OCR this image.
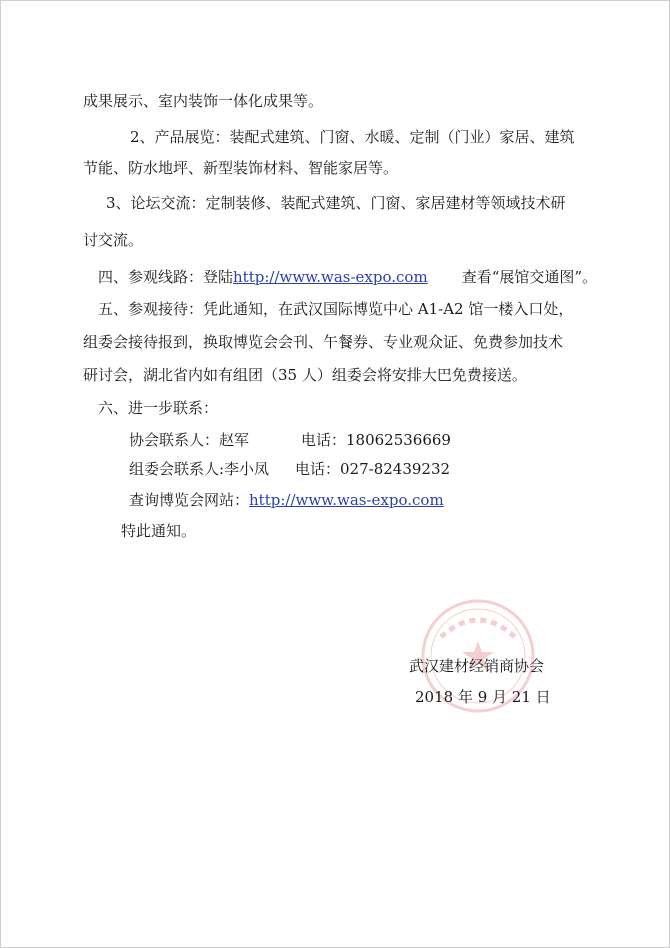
成果展示、室内装饰一体化成果等。
2、产品展览：装配式建筑、门窗、水暖、定制（门业）家居、建筑
节能、防水地坪、新型装饰材料、智能家居等。
3、论坛交流：定制装修、装配式建筑、门窗、家居建材等领域技术研
讨交流。
四、参观线路：登陆http://www.was-expo.com 查看“展馆交通图”。
五、参观接待：凭此通知，在武汉国际博览中心 A1-A2 馆一楼入口处，
组委会接待报到，换取博览会会刊、午餐券、专业观众证、免费参加技术
研讨会，湖北省内如有组团（35 人）组委会将安排大巴免费接送。
六、进一步联系：
协会联系人：赵军	电话：18062536669
组委会联系人:李小凤 电话：027-82439232
查询博览会网站：http://www.was-expo.com
特此通知。
武汉建材经销商协会
2018 年 9 月 21 日
